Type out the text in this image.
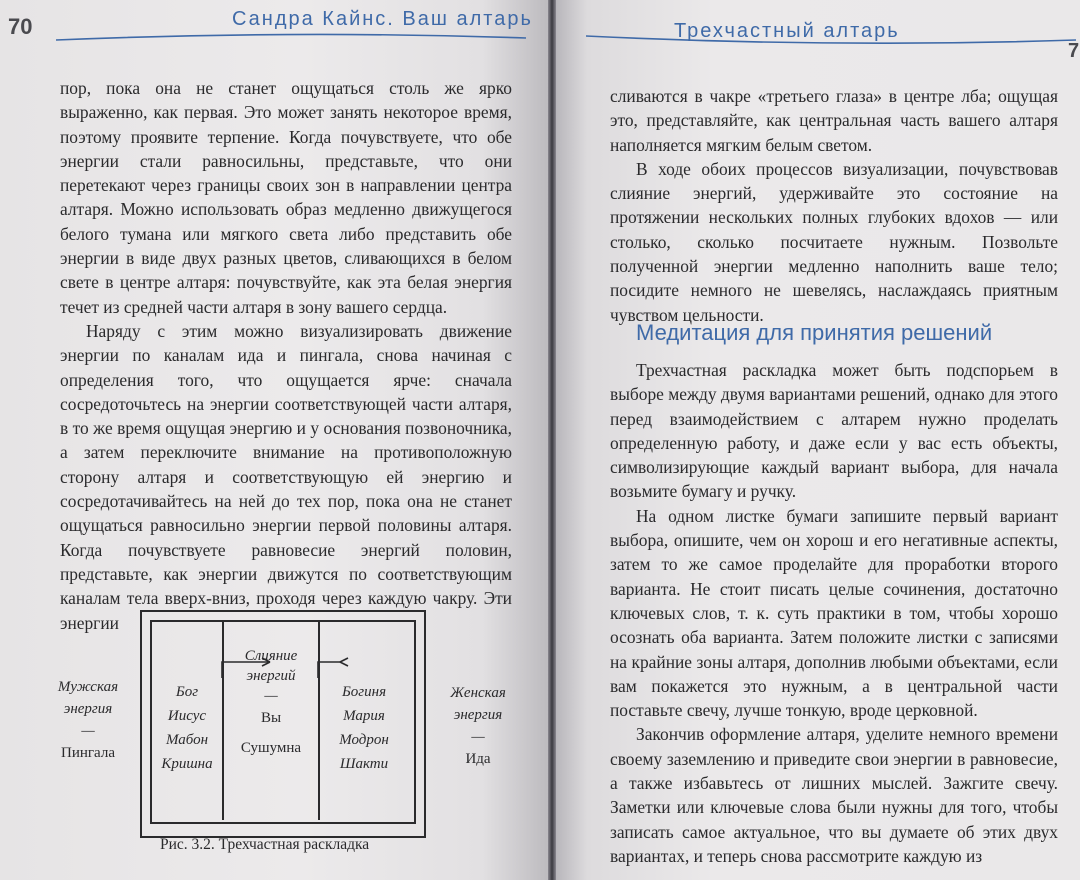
70	Сандра Кайнс. Ваш алтарь

пор, пока она не станет ощущаться столь же ярко выраженно, как первая. Это может занять некоторое время, поэтому проявите терпение. Когда почувствуете, что обе энергии стали равносильны, представьте, что они перетекают через границы своих зон в направлении центра алтаря. Можно использовать образ медленно движущегося белого тумана или мягкого света либо представить обе энергии в виде двух разных цветов, сливающихся в белом свете в центре алтаря: почувствуйте, как эта белая энергия течет из средней части алтаря в зону вашего сердца.

Наряду с этим можно визуализировать движение энергии по каналам ида и пингала, снова начиная с определения того, что ощущается ярче: сначала сосредоточьтесь на энергии соответствующей части алтаря, в то же время ощущая энергию и у основания позвоночника, а затем переключите внимание на противоположную сторону алтаря и соответствующую ей энергию и сосредотачивайтесь на ней до тех пор, пока она не станет ощущаться равносильно энергии первой половины алтаря. Когда почувствуете равновесие энергий половин, представьте, как энергии движутся по соответствующим каналам тела вверх-вниз, проходя через каждую чакру. Эти энергии

Мужская
энергия
—
Пингала
Бог
Иисус
Мабон
Кришна
Слияние
энергий
—
Вы
Сушумна
Богиня
Мария
Модрон
Шакти
Женская
энергия
—
Ида
Рис. 3.2. Трехчастная раскладка
Трехчастный алтарь
7

сливаются в чакре «третьего глаза» в центре лба; ощущая это, представляйте, как центральная часть вашего алтаря наполняется мягким белым светом.

В ходе обоих процессов визуализации, почувствовав слияние энергий, удерживайте это состояние на протяжении нескольких полных глубоких вдохов — или столько, сколько посчитаете нужным. Позвольте полученной энергии медленно наполнить ваше тело; посидите немного не шевелясь, наслаждаясь приятным чувством цельности.

Медитация для принятия решений

Трехчастная раскладка может быть подспорьем в выборе между двумя вариантами решений, однако для этого перед взаимодействием с алтарем нужно проделать определенную работу, и даже если у вас есть объекты, символизирующие каждый вариант выбора, для начала возьмите бумагу и ручку.

На одном листке бумаги запишите первый вариант выбора, опишите, чем он хорош и его негативные аспекты, затем то же самое проделайте для проработки второго варианта. Не стоит писать целые сочинения, достаточно ключевых слов, т. к. суть практики в том, чтобы хорошо осознать оба варианта. Затем положите листки с записями на крайние зоны алтаря, дополнив любыми объектами, если вам покажется это нужным, а в центральной части поставьте свечу, лучше тонкую, вроде церковной.

Закончив оформление алтаря, уделите немного времени своему заземлению и приведите свои энергии в равновесие, а также избавьтесь от лишних мыслей. Зажгите свечу. Заметки или ключевые слова были нужны для того, чтобы записать самое актуальное, что вы думаете об этих двух вариантах, и теперь снова рассмотрите каждую из
